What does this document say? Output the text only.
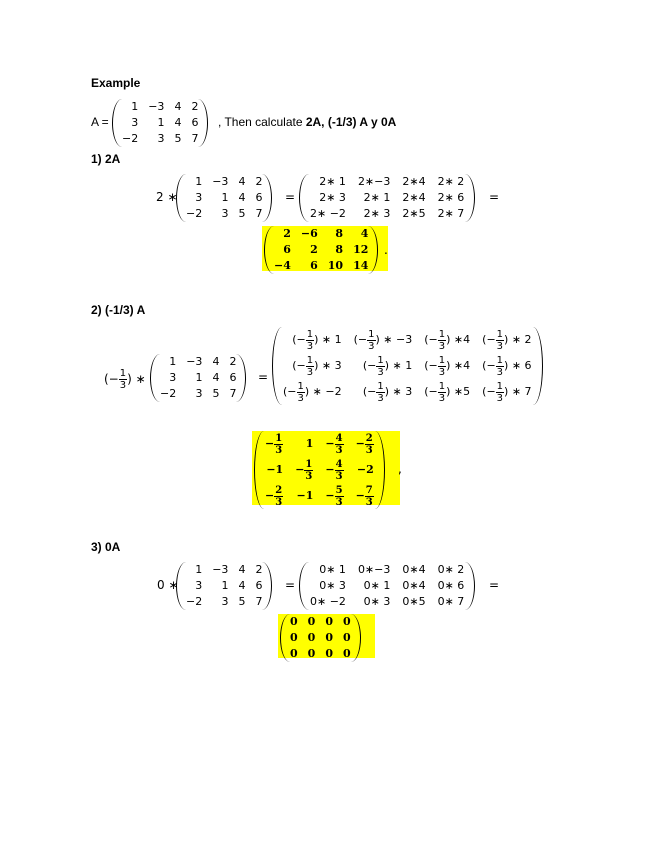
Example
A =
1	−3	4	2
3	1	4	6
−2	3	5	7
, Then calculate 2A, (-1/3) A y 0A
1) 2A
2 ∗
1	−3	4	2
3	1	4	6
−2	3	5	7
=
2∗ 1	2∗−3	2∗4	2∗ 2
2∗ 3	2∗ 1	2∗4	2∗ 6
2∗ −2	2∗ 3	2∗5	2∗ 7
=
2	−6	8	4
6	2	8	12
−4	6	10	14
.
2) (-1/3) A
(− $\frac{1}{3}$ ) ∗
1	−3	4	2
3	1	4	6
−2	3	5	7
=
(− $\frac{1}{3}$ ) ∗ 1	(− $\frac{1}{3}$ ) ∗ −3	(− $\frac{1}{3}$ ) ∗4	(− $\frac{1}{3}$ ) ∗ 2
(− $\frac{1}{3}$ ) ∗ 3	(− $\frac{1}{3}$ ) ∗ 1	(− $\frac{1}{3}$ ) ∗4	(− $\frac{1}{3}$ ) ∗ 6
(− $\frac{1}{3}$ ) ∗ −2	(− $\frac{1}{3}$ ) ∗ 3	(− $\frac{1}{3}$ ) ∗5	(− $\frac{1}{3}$ ) ∗ 7
− $\frac{1}{3}$	1	− $\frac{4}{3}$	− $\frac{2}{3}$

−1	− $\frac{1}{3}$	− $\frac{4}{3}$	−2
− $\frac{2}{3}$	−1	− $\frac{5}{3}$	− $\frac{7}{3}$
,
3) 0A
0 ∗
1	−3	4	2
3	1	4	6
−2	3	5	7
=
0∗ 1	0∗−3	0∗4	0∗ 2
0∗ 3	0∗ 1	0∗4	0∗ 6
0∗ −2	0∗ 3	0∗5	0∗ 7
=
0	0	0	0
0	0	0	0
0	0	0	0
